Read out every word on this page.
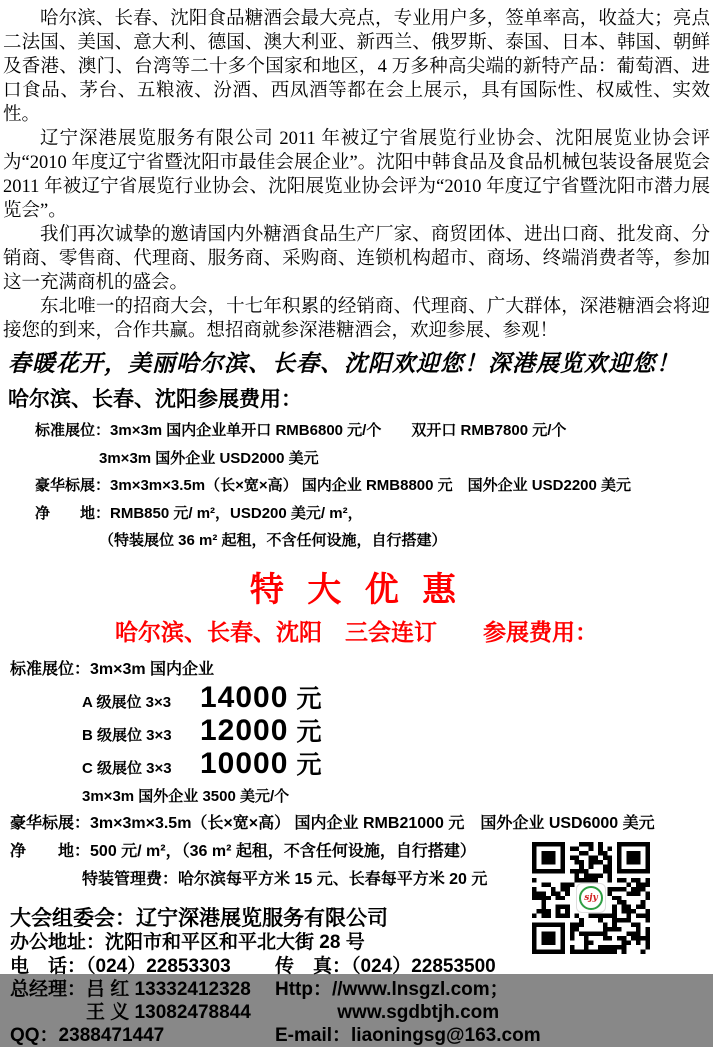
哈尔滨、长春、沈阳食品糖酒会最大亮点，专业用户多，签单率高，收益大；亮点二法国、美国、意大利、德国、澳大利亚、新西兰、俄罗斯、泰国、日本、韩国、朝鲜及香港、澳门、台湾等二十多个国家和地区，4 万多种高尖端的新特产品：葡萄酒、进口食品、茅台、五粮液、汾酒、西凤酒等都在会上展示，具有国际性、权威性、实效性。

辽宁深港展览服务有限公司 2011 年被辽宁省展览行业协会、沈阳展览业协会评为“2010 年度辽宁省暨沈阳市最佳会展企业”。沈阳中韩食品及食品机械包装设备展览会 2011 年被辽宁省展览行业协会、沈阳展览业协会评为“2010 年度辽宁省暨沈阳市潜力展览会”。

我们再次诚挚的邀请国内外糖酒食品生产厂家、商贸团体、进出口商、批发商、分销商、零售商、代理商、服务商、采购商、连锁机构超市、商场、终端消费者等，参加这一充满商机的盛会。

东北唯一的招商大会，十七年积累的经销商、代理商、广大群体，深港糖酒会将迎接您的到来，合作共赢。想招商就参深港糖酒会，欢迎参展、参观！

春暖花开，美丽哈尔滨、长春、沈阳欢迎您！深港展览欢迎您！
哈尔滨、长春、沈阳参展费用：
标准展位：3m×3m 国内企业单开口 RMB6800 元/个　　双开口 RMB7800 元/个
3m×3m 国外企业 USD2000 美元
豪华标展：3m×3m×3.5m（长×宽×高） 国内企业 RMB8800 元　国外企业 USD2200 美元
净　　地：RMB850 元/ m²，USD200 美元/ m²，
（特装展位 36 m² 起租，不含任何设施，自行搭建）
特 大 优 惠
哈尔滨、长春、沈阳　三会连订　　参展费用：
标准展位：3m×3m 国内企业
A 级展位 3×3 14000 元
B 级展位 3×3 12000 元
C 级展位 3×3 10000 元
3m×3m 国外企业 3500 美元/个
豪华标展：3m×3m×3.5m（长×宽×高） 国内企业 RMB21000 元　国外企业 USD6000 美元
净　　地：500 元/ m²，（36 m² 起租，不含任何设施，自行搭建）
特装管理费：哈尔滨每平方米 15 元、长春每平方米 20 元
大会组委会：辽宁深港展览服务有限公司
办公地址：沈阳市和平区和平北大街 28 号
电　话：（024）22853303	传　真：（024）22853500
总经理：吕 红 13332412328	Http：//www.lnsgzl.com；
　　　　王 义 13082478844	　　　 www.sgdbtjh.com
QQ：2388471447	E-mail：liaoningsg@163.com
sjy
